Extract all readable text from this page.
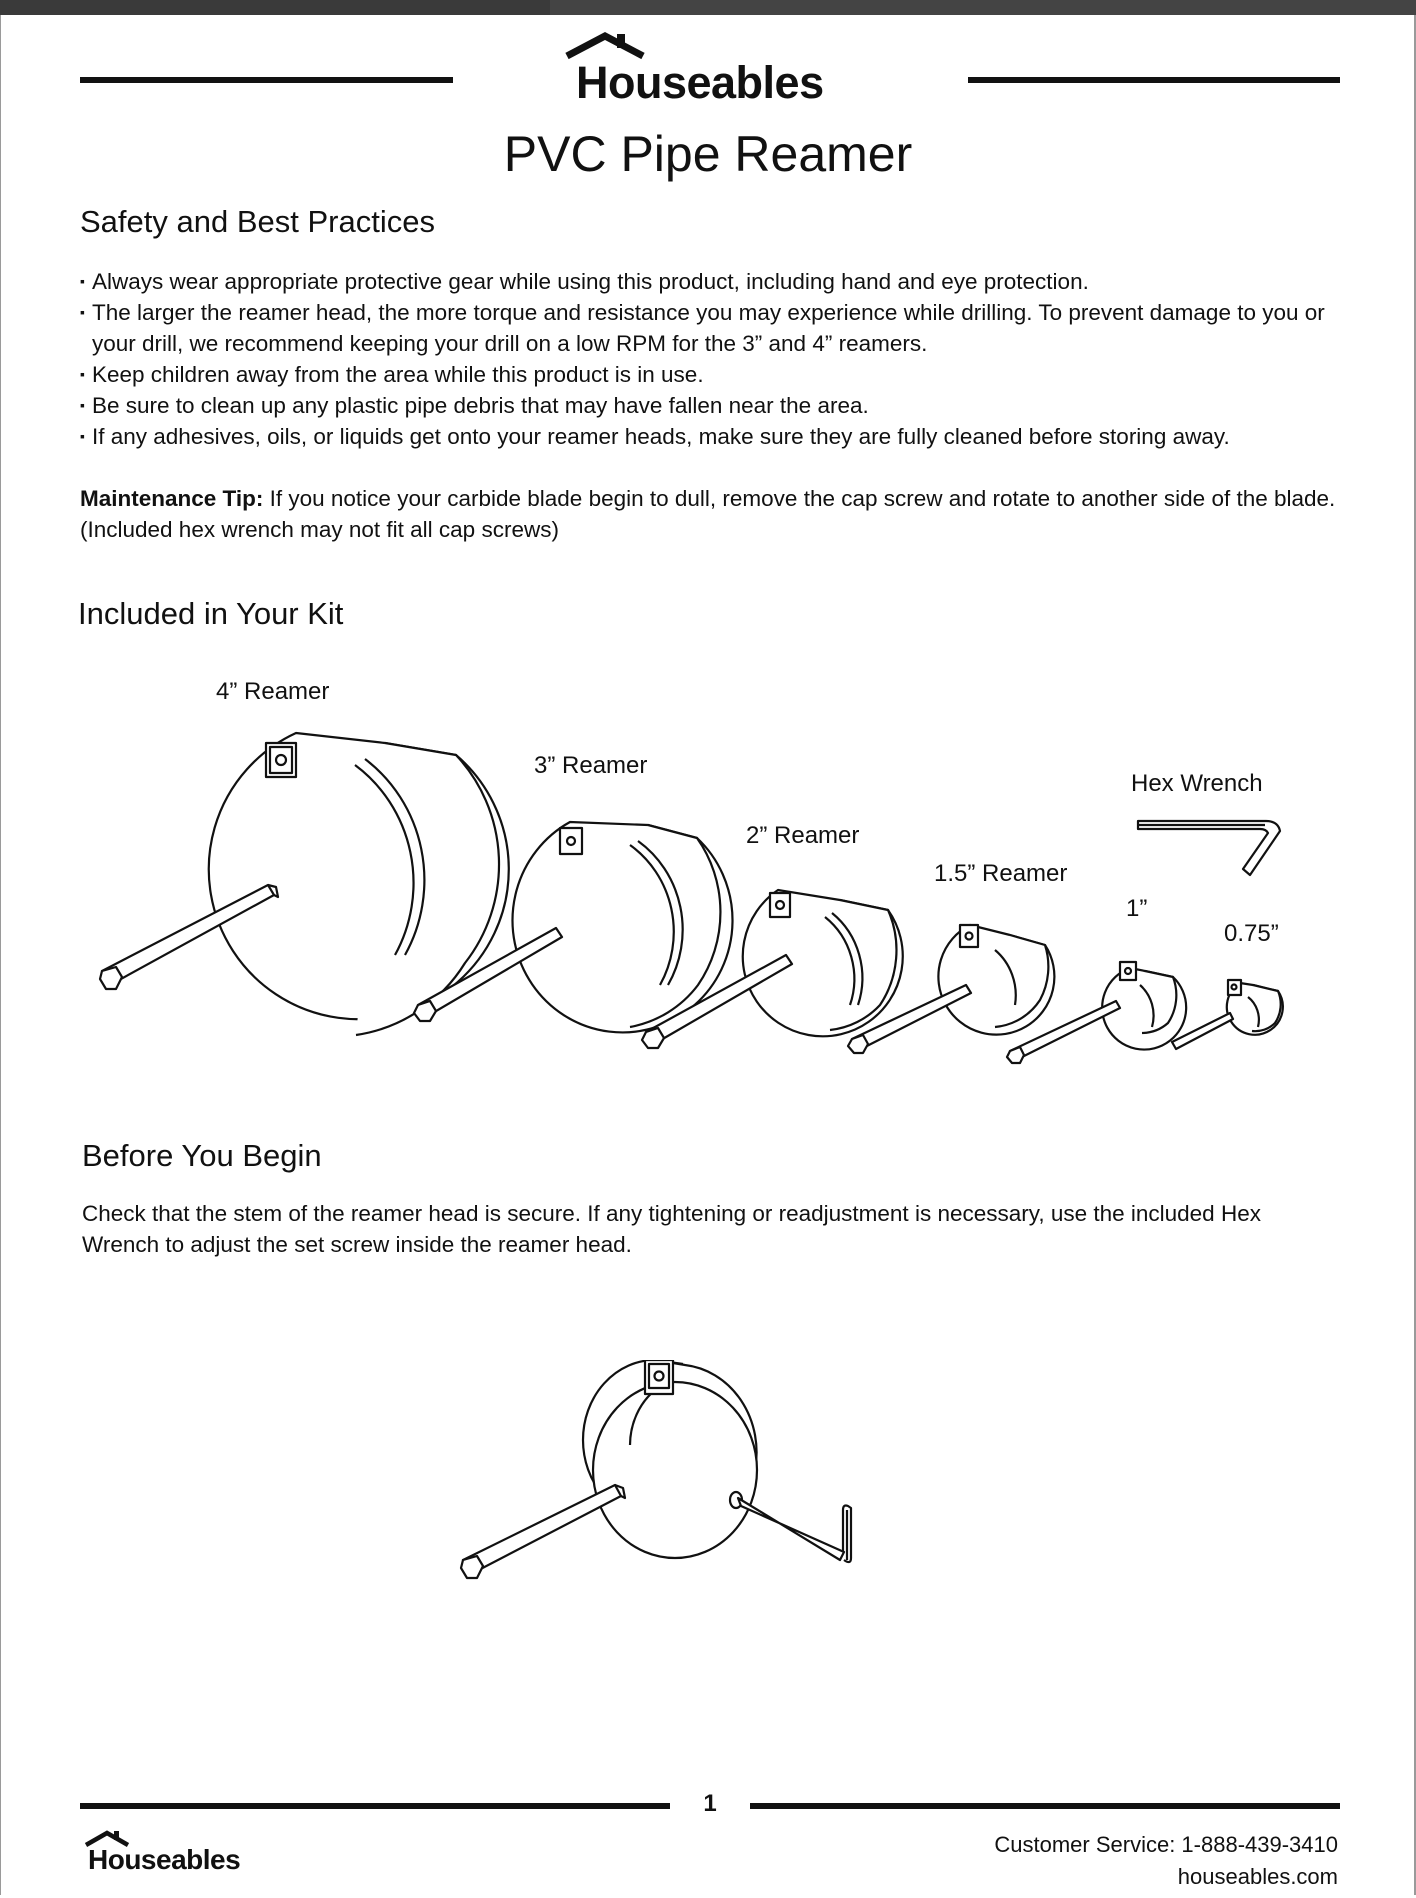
Houseables
PVC Pipe Reamer
Safety and Best Practices
▪ Always wear appropriate protective gear while using this product, including hand and eye protection.
▪ The larger the reamer head, the more torque and resistance you may experience while drilling. To prevent damage to you or your drill, we recommend keeping your drill on a low RPM for the 3” and 4” reamers.
▪ Keep children away from the area while this product is in use.
▪ Be sure to clean up any plastic pipe debris that may have fallen near the area.
▪ If any adhesives, oils, or liquids get onto your reamer heads, make sure they are fully cleaned before storing away.

Maintenance Tip: If you notice your carbide blade begin to dull, remove the cap screw and rotate to another side of the blade. (Included hex wrench may not fit all cap screws)

Included in Your Kit
4” Reamer
3” Reamer
2” Reamer
1.5” Reamer
1”
0.75”
Hex Wrench
Before You Begin

Check that the stem of the reamer head is secure. If any tightening or readjustment is necessary, use the included Hex Wrench to adjust the set screw inside the reamer head.

1
Houseables	Customer Service: 1-888-439-3410
houseables.com
